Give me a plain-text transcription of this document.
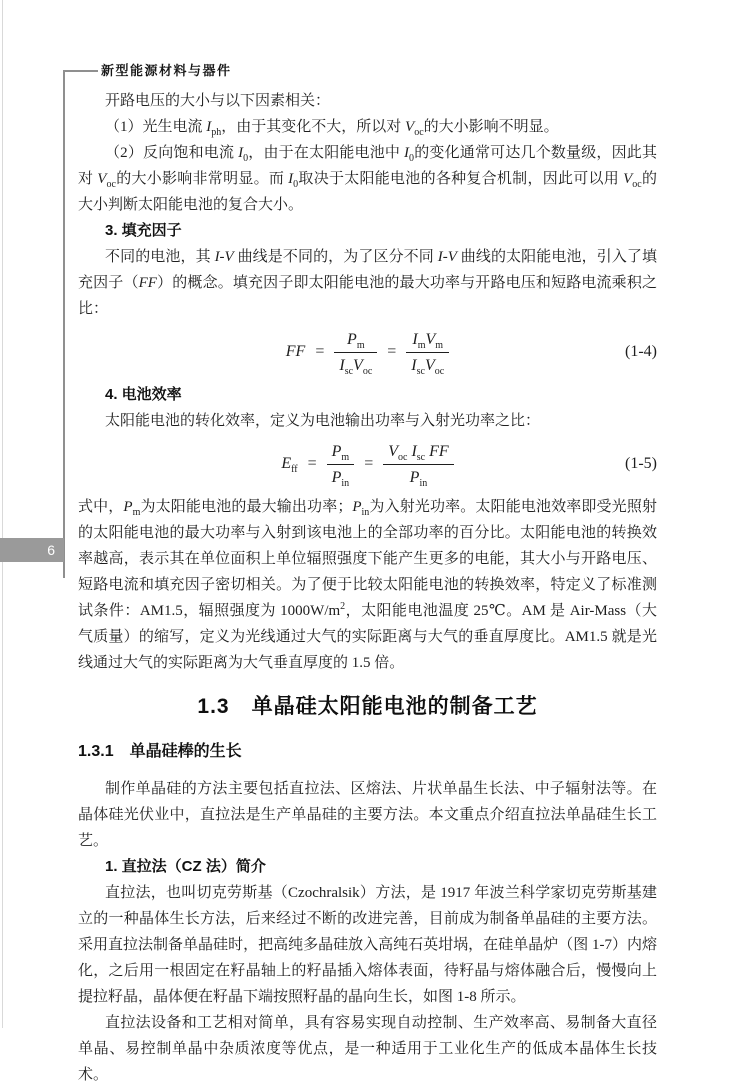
6
新型能源材料与器件

开路电压的大小与以下因素相关：

（1）光生电流 $I_{ph}$，由于其变化不大，所以对 $V_{oc}$的大小影响不明显。

（2）反向饱和电流 $I_0$，由于在太阳能电池中 $I_0$的变化通常可达几个数量级，因此其对 $V_{oc}$的大小影响非常明显。而 $I_0$取决于太阳能电池的各种复合机制，因此可以用 $V_{oc}$的大小判断太阳能电池的复合大小。

3. 填充因子

不同的电池，其 I-V 曲线是不同的，为了区分不同 I-V 曲线的太阳能电池，引入了填充因子（FF）的概念。填充因子即太阳能电池的最大功率与开路电压和短路电流乘积之比：

FF = $\frac{P_m}{I_{sc}V_{oc}} = \frac{I_mV_m}{I_{sc}V_{oc}}$	(1-4)

4. 电池效率

太阳能电池的转化效率，定义为电池输出功率与入射光功率之比：

$E_{ff} = \frac{P_m}{P_{in}} = \frac{V_{oc} I_{sc} FF}{P_{in}}$	(1-5)

式中，$P_m$为太阳能电池的最大输出功率；$P_{in}$为入射光功率。太阳能电池效率即受光照射的太阳能电池的最大功率与入射到该电池上的全部功率的百分比。太阳能电池的转换效率越高，表示其在单位面积上单位辐照强度下能产生更多的电能，其大小与开路电压、短路电流和填充因子密切相关。为了便于比较太阳能电池的转换效率，特定义了标准测试条件：AM1.5，辐照强度为 $1000W/m^2$，太阳能电池温度 25℃。AM 是 Air-Mass（大气质量）的缩写，定义为光线通过大气的实际距离与大气的垂直厚度比。AM1.5 就是光线通过大气的实际距离为大气垂直厚度的 1.5 倍。

1.3　单晶硅太阳能电池的制备工艺

1.3.1　单晶硅棒的生长

制作单晶硅的方法主要包括直拉法、区熔法、片状单晶生长法、中子辐射法等。在晶体硅光伏业中，直拉法是生产单晶硅的主要方法。本文重点介绍直拉法单晶硅生长工艺。

1. 直拉法（CZ 法）简介

直拉法，也叫切克劳斯基（Czochralsik）方法，是 1917 年波兰科学家切克劳斯基建立的一种晶体生长方法，后来经过不断的改进完善，目前成为制备单晶硅的主要方法。采用直拉法制备单晶硅时，把高纯多晶硅放入高纯石英坩埚，在硅单晶炉（图 1-7）内熔化，之后用一根固定在籽晶轴上的籽晶插入熔体表面，待籽晶与熔体融合后，慢慢向上提拉籽晶，晶体便在籽晶下端按照籽晶的晶向生长，如图 1-8 所示。

直拉法设备和工艺相对简单，具有容易实现自动控制、生产效率高、易制备大直径单晶、易控制单晶中杂质浓度等优点，是一种适用于工业化生产的低成本晶体生长技术。
